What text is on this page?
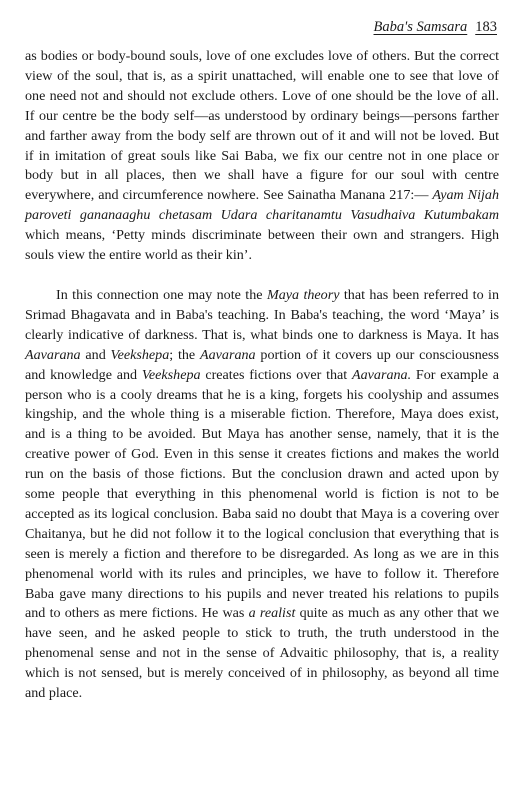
Baba's Samsara 183

as bodies or body-bound souls, love of one excludes love of others. But the correct view of the soul, that is, as a spirit unattached, will enable one to see that love of one need not and should not exclude others. Love of one should be the love of all. If our centre be the body self—as understood by ordinary beings—persons farther and farther away from the body self are thrown out of it and will not be loved. But if in imitation of great souls like Sai Baba, we fix our centre not in one place or body but in all places, then we shall have a figure for our soul with centre everywhere, and circumference nowhere. See Sainatha Manana 217:— Ayam Nijah paroveti gananaaghu chetasam Udara charitanamtu Vasudhaiva Kutumbakam which means, ‘Petty minds discriminate between their own and strangers. High souls view the entire world as their kin’.

In this connection one may note the Maya theory that has been referred to in Srimad Bhagavata and in Baba's teaching. In Baba's teaching, the word ‘Maya’ is clearly indicative of darkness. That is, what binds one to darkness is Maya. It has Aavarana and Veekshepa; the Aavarana portion of it covers up our consciousness and knowledge and Veekshepa creates fictions over that Aavarana. For example a person who is a cooly dreams that he is a king, forgets his coolyship and assumes kingship, and the whole thing is a miserable fiction. Therefore, Maya does exist, and is a thing to be avoided. But Maya has another sense, namely, that it is the creative power of God. Even in this sense it creates fictions and makes the world run on the basis of those fictions. But the conclusion drawn and acted upon by some people that everything in this phenomenal world is fiction is not to be accepted as its logical conclusion. Baba said no doubt that Maya is a covering over Chaitanya, but he did not follow it to the logical conclusion that everything that is seen is merely a fiction and therefore to be disregarded. As long as we are in this phenomenal world with its rules and principles, we have to follow it. Therefore Baba gave many directions to his pupils and never treated his relations to pupils and to others as mere fictions. He was a realist quite as much as any other that we have seen, and he asked people to stick to truth, the truth understood in the phenomenal sense and not in the sense of Advaitic philosophy, that is, a reality which is not sensed, but is merely conceived of in philosophy, as beyond all time and place.
